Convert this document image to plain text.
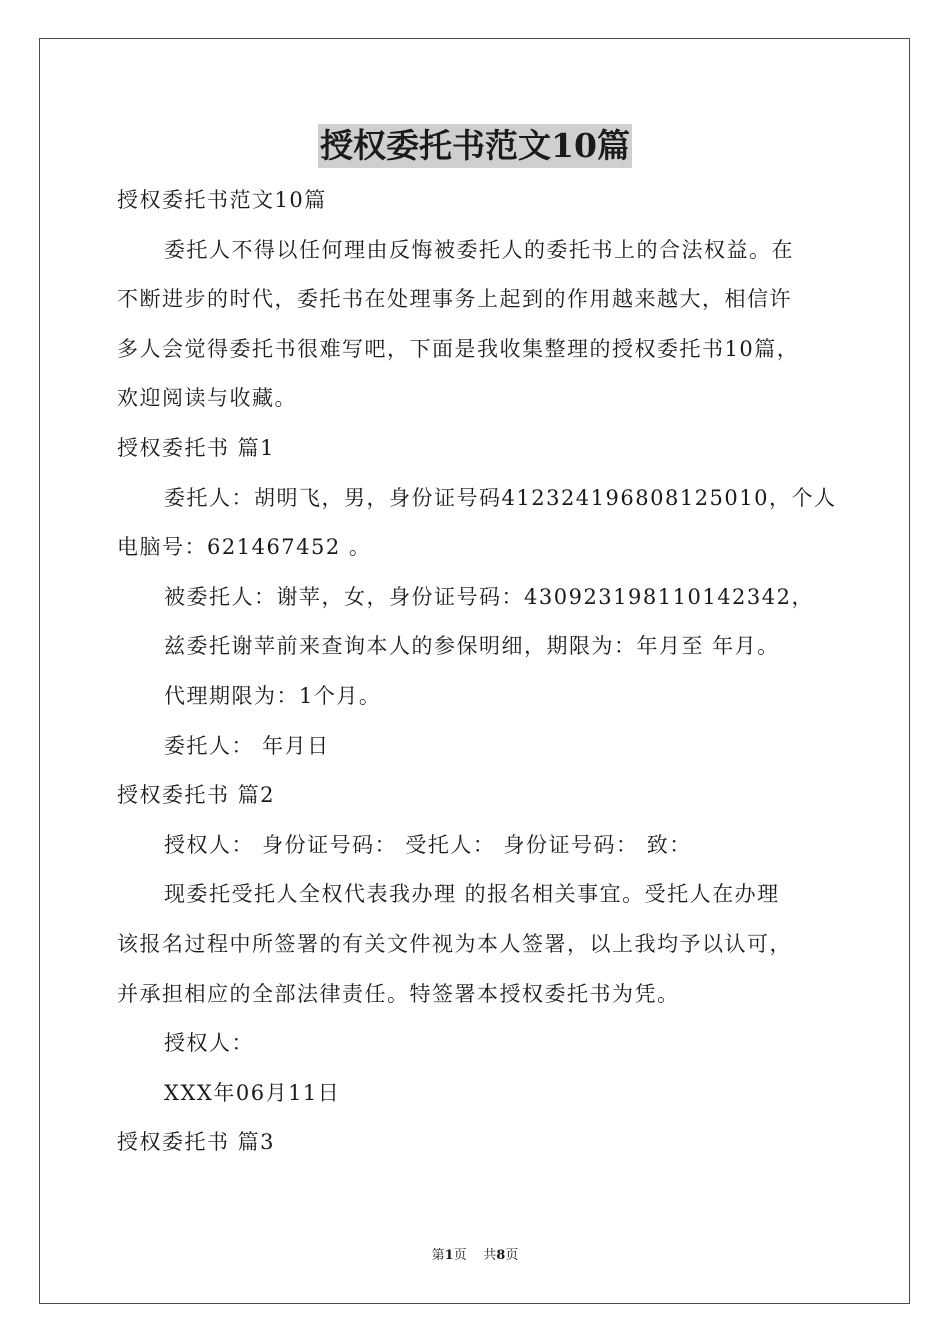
授权委托书范文10篇
授权委托书范文10篇
委托人不得以任何理由反悔被委托人的委托书上的合法权益。在
不断进步的时代，委托书在处理事务上起到的作用越来越大，相信许
多人会觉得委托书很难写吧，下面是我收集整理的授权委托书10篇，
欢迎阅读与收藏。
授权委托书 篇1
委托人：胡明飞，男，身份证号码412324196808125010，个人
电脑号：621467452 。
被委托人：谢苹，女，身份证号码：430923198110142342，
兹委托谢苹前来查询本人的参保明细，期限为：年月至 年月。
代理期限为：1个月。
委托人： 年月日
授权委托书 篇2
授权人： 身份证号码： 受托人： 身份证号码： 致：
现委托受托人全权代表我办理 的报名相关事宜。受托人在办理
该报名过程中所签署的有关文件视为本人签署，以上我均予以认可，
并承担相应的全部法律责任。特签署本授权委托书为凭。
授权人：
XXX年06月11日
授权委托书 篇3
第1页 共8页
